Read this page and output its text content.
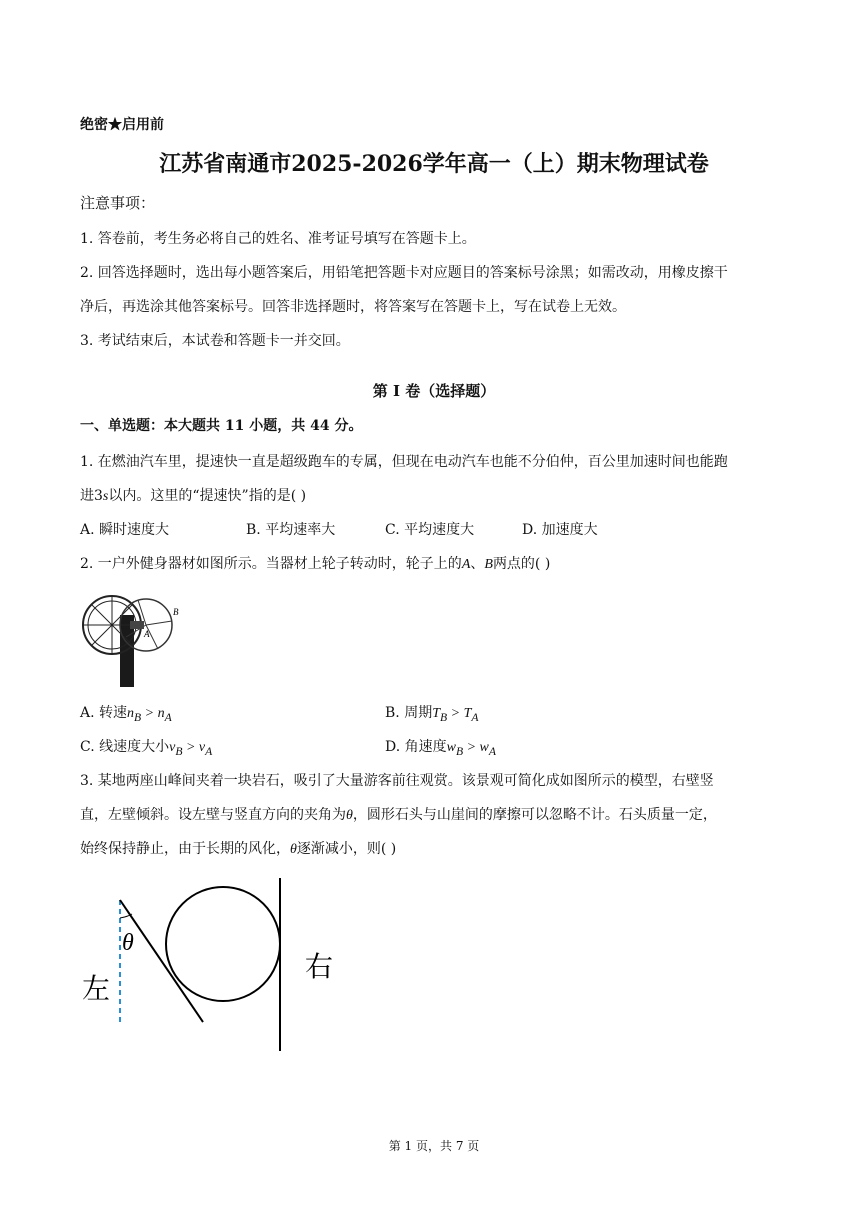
绝密★启用前
江苏省南通市2025-2026学年高一（上）期末物理试卷
注意事项：
1. 答卷前，考生务必将自己的姓名、准考证号填写在答题卡上。
2. 回答选择题时，选出每小题答案后，用铅笔把答题卡对应题目的答案标号涂黑；如需改动，用橡皮擦干
净后，再选涂其他答案标号。回答非选择题时，将答案写在答题卡上，写在试卷上无效。
3. 考试结束后，本试卷和答题卡一并交回。
第 I 卷（选择题）
一、单选题：本大题共 11 小题，共 44 分。
1. 在燃油汽车里，提速快一直是超级跑车的专属，但现在电动汽车也能不分伯仲，百公里加速时间也能跑
进3s以内。这里的“提速快”指的是( )
A. 瞬时速度大	B. 平均速率大	C. 平均速度大	D. 加速度大
2. 一户外健身器材如图所示。当器材上轮子转动时，轮子上的A、B两点的( )
A
B
A. 转速$n_B > n_A$	B. 周期$T_B > T_A$
C. 线速度大小$v_B > v_A$	D. 角速度$w_B > w_A$
3. 某地两座山峰间夹着一块岩石，吸引了大量游客前往观赏。该景观可简化成如图所示的模型，右壁竖
直，左壁倾斜。设左壁与竖直方向的夹角为θ，圆形石头与山崖间的摩擦可以忽略不计。石头质量一定，
始终保持静止，由于长期的风化，θ逐渐减小，则( )
θ
左
右
第 1 页，共 7 页
